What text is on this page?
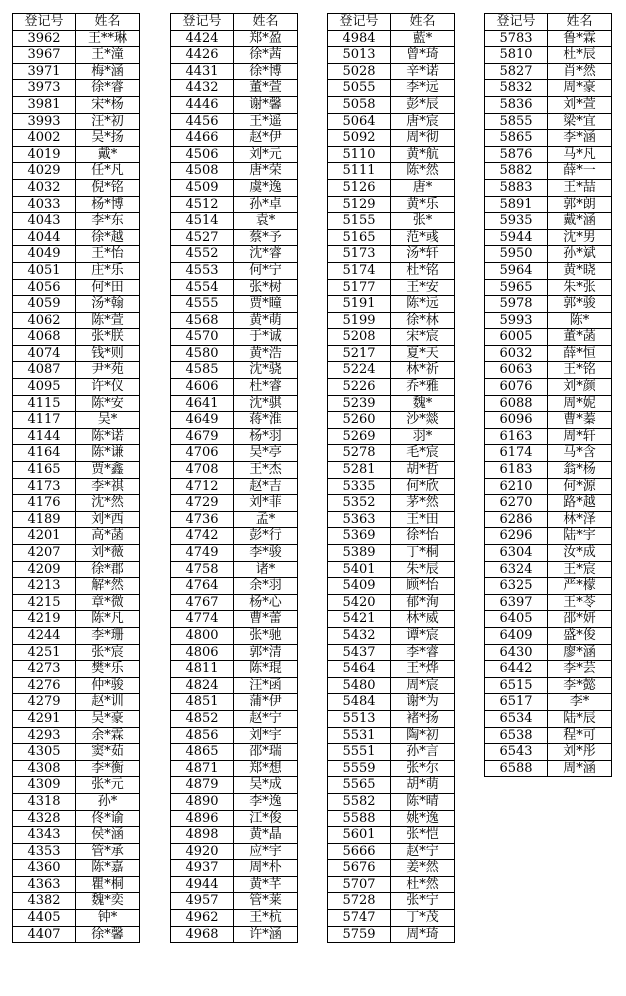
登记号	姓名
3962	王**琳
3967	王*潼
3971	梅*涵
3973	徐*睿
3981	宋*杨
3993	汪*初
4002	吴*扬
4019	戴*
4029	任*凡
4032	倪*铭
4033	杨*博
4043	李*东
4044	徐*越
4049	王*怡
4051	庄*乐
4056	何*田
4059	汤*翰
4062	陈*萱
4068	张*朕
4074	钱*则
4087	尹*苑
4095	许*仪
4115	陈*安
4117	吴*
4144	陈*诺
4164	陈*谦
4165	贾*鑫
4173	李*祺
4176	沈*然
4189	刘*西
4201	高*菡
4207	刘*薇
4209	徐*郡
4213	解*然
4215	章*微
4219	陈*凡
4244	李*珊
4251	张*宸
4273	樊*乐
4276	仲*骏
4279	赵*训
4291	吴*豪
4293	余*霖
4305	窦*茹
4308	李*衡
4309	张*元
4318	孙*
4328	佟*谕
4343	侯*涵
4353	管*承
4360	陈*嘉
4363	瞿*桐
4382	魏*奕
4405	钟*
4407	徐*馨
登记号	姓名
4424	郑*盈
4426	徐*茜
4431	徐*博
4432	董*萱
4446	谢*馨
4456	王*遥
4466	赵*伊
4506	刘*元
4508	唐*荣
4509	虞*逸
4512	孙*卓
4514	袁*
4527	蔡*予
4552	沈*睿
4553	何*宁
4554	张*树
4555	贾*瞳
4568	黄*萌
4570	于*诚
4580	黄*浩
4585	沈*骁
4606	杜*睿
4641	沈*骐
4649	蒋*淮
4679	杨*羽
4706	吴*亭
4708	王*杰
4712	赵*吉
4729	刘*菲
4736	孟*
4742	彭*行
4749	李*骏
4758	诸*
4764	余*羽
4767	杨*心
4774	曹*蕾
4800	张*驰
4806	郭*清
4811	陈*琨
4824	汪*函
4851	蒲*伊
4852	赵*宁
4856	刘*宇
4865	邵*瑞
4871	郑*想
4879	吴*成
4890	李*逸
4896	江*俊
4898	黄*晶
4920	应*宇
4937	周*朴
4944	黄*芊
4957	管*莱
4962	王*杭
4968	许*涵
登记号	姓名
4984	藍*
5013	曾*琦
5028	辛*诺
5055	李*远
5058	彭*辰
5064	唐*宸
5092	周*彻
5110	黄*航
5111	陈*然
5126	唐*
5129	黄*乐
5155	张*
5165	范*彧
5173	汤*轩
5174	杜*铭
5177	王*安
5191	陈*远
5199	徐*林
5208	宋*宸
5217	夏*天
5224	林*祈
5226	乔*雅
5239	魏*
5260	沙*燚
5269	羽*
5278	毛*宸
5281	胡*哲
5335	何*欣
5352	茅*然
5363	王*田
5369	徐*怡
5389	丁*桐
5401	朱*辰
5409	顾*怡
5420	郁*洵
5421	林*威
5432	谭*宸
5437	李*睿
5464	王*烨
5480	周*宸
5484	谢*为
5513	褚*扬
5531	陶*初
5551	孙*言
5559	张*尔
5565	胡*萌
5582	陈*晴
5588	姚*逸
5601	张*恺
5666	赵*宁
5676	姜*然
5707	杜*然
5728	张*宁
5747	丁*茂
5759	周*琦
登记号	姓名
5783	鲁*霖
5810	杜*辰
5827	肖*然
5832	周*豪
5836	刘*萱
5855	梁*宜
5865	李*涵
5876	马*凡
5882	薛*一
5883	王*喆
5891	郭*朗
5935	戴*涵
5944	沈*男
5950	孙*斌
5964	黄*晓
5965	朱*张
5978	郭*骏
5993	陈*
6005	董*菡
6032	薛*恒
6063	王*铭
6076	刘*颜
6088	周*妮
6096	曹*蓁
6163	周*轩
6174	马*含
6183	翁*杨
6210	何*源
6270	路*越
6286	林*泽
6296	陆*宇
6304	汝*成
6324	王*宸
6325	严*檬
6397	王*苓
6405	邵*妍
6409	盛*俊
6430	廖*涵
6442	李*芸
6515	李*懿
6517	李*
6534	陆*辰
6538	程*可
6543	刘*彤
6588	周*涵
